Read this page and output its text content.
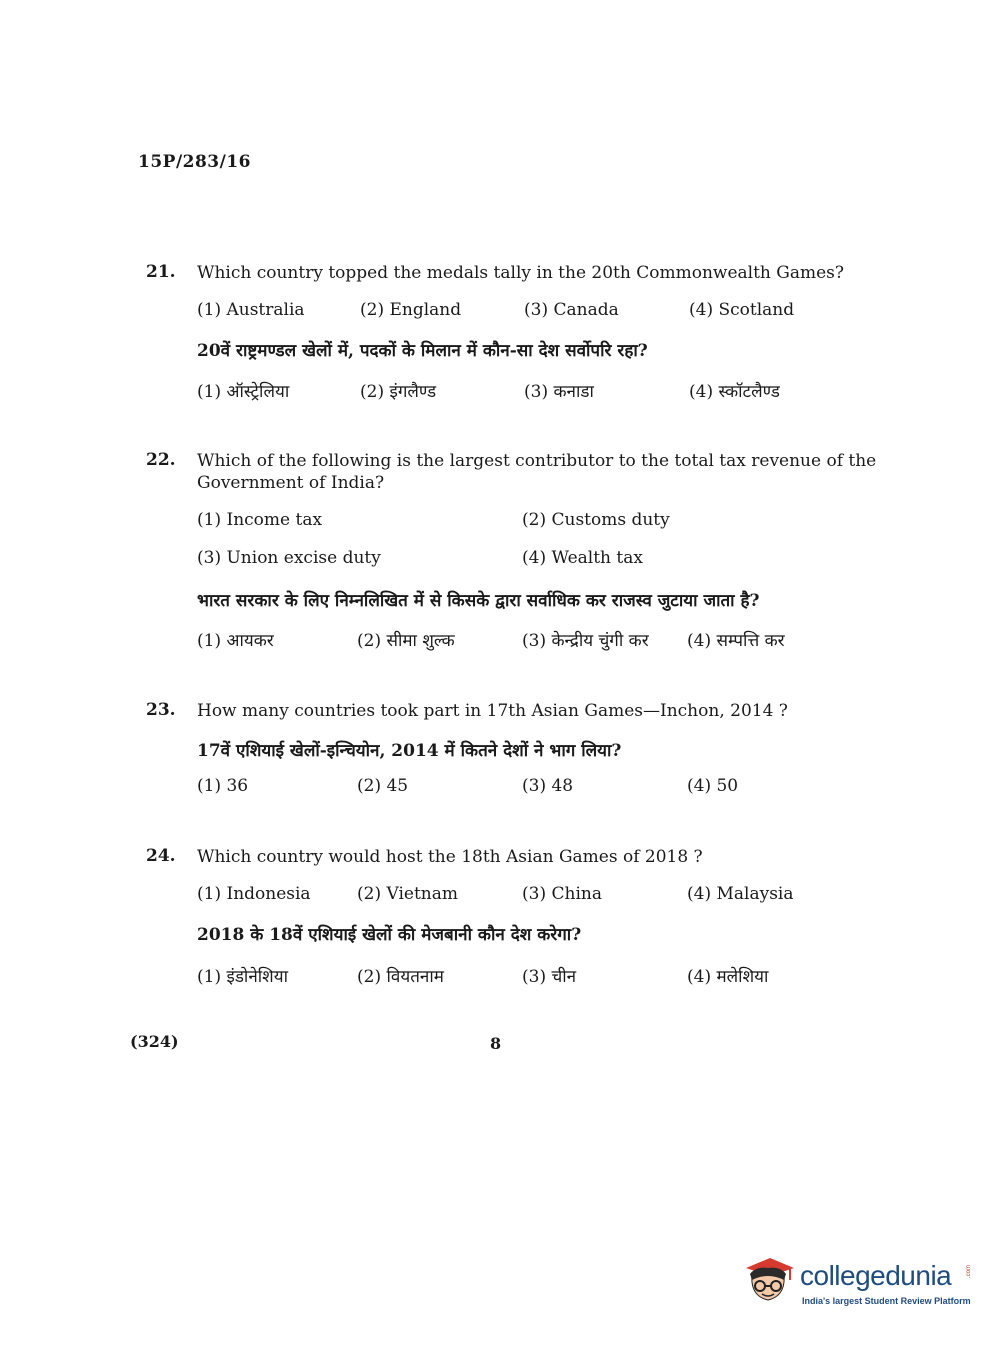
15P/283/16
21. Which country topped the medals tally in the 20th Commonwealth Games?
(1) Australia	(2) England	(3) Canada	(4) Scotland
20वें राष्ट्रमण्डल खेलों में, पदकों के मिलान में कौन-सा देश सर्वोपरि रहा?
(1) ऑस्ट्रेलिया	(2) इंगलैण्ड	(3) कनाडा	(4) स्कॉटलैण्ड
22. Which of the following is the largest contributor to the total tax revenue of the Government of India?
(1) Income tax	(2) Customs duty
(3) Union excise duty	(4) Wealth tax
भारत सरकार के लिए निम्नलिखित में से किसके द्वारा सर्वाधिक कर राजस्व जुटाया जाता है?
(1) आयकर	(2) सीमा शुल्क	(3) केन्द्रीय चुंगी कर (4) सम्पत्ति कर
23. How many countries took part in 17th Asian Games—Inchon, 2014 ?
17वें एशियाई खेलों-इन्चियोन, 2014 में कितने देशों ने भाग लिया?
(1) 36	(2) 45	(3) 48	(4) 50
24. Which country would host the 18th Asian Games of 2018 ?
(1) Indonesia	(2) Vietnam	(3) China	(4) Malaysia
2018 के 18वें एशियाई खेलों की मेजबानी कौन देश करेगा?
(1) इंडोनेशिया	(2) वियतनाम	(3) चीन	(4) मलेशिया
(324)	8
collegedunia .com
India's largest Student Review Platform
